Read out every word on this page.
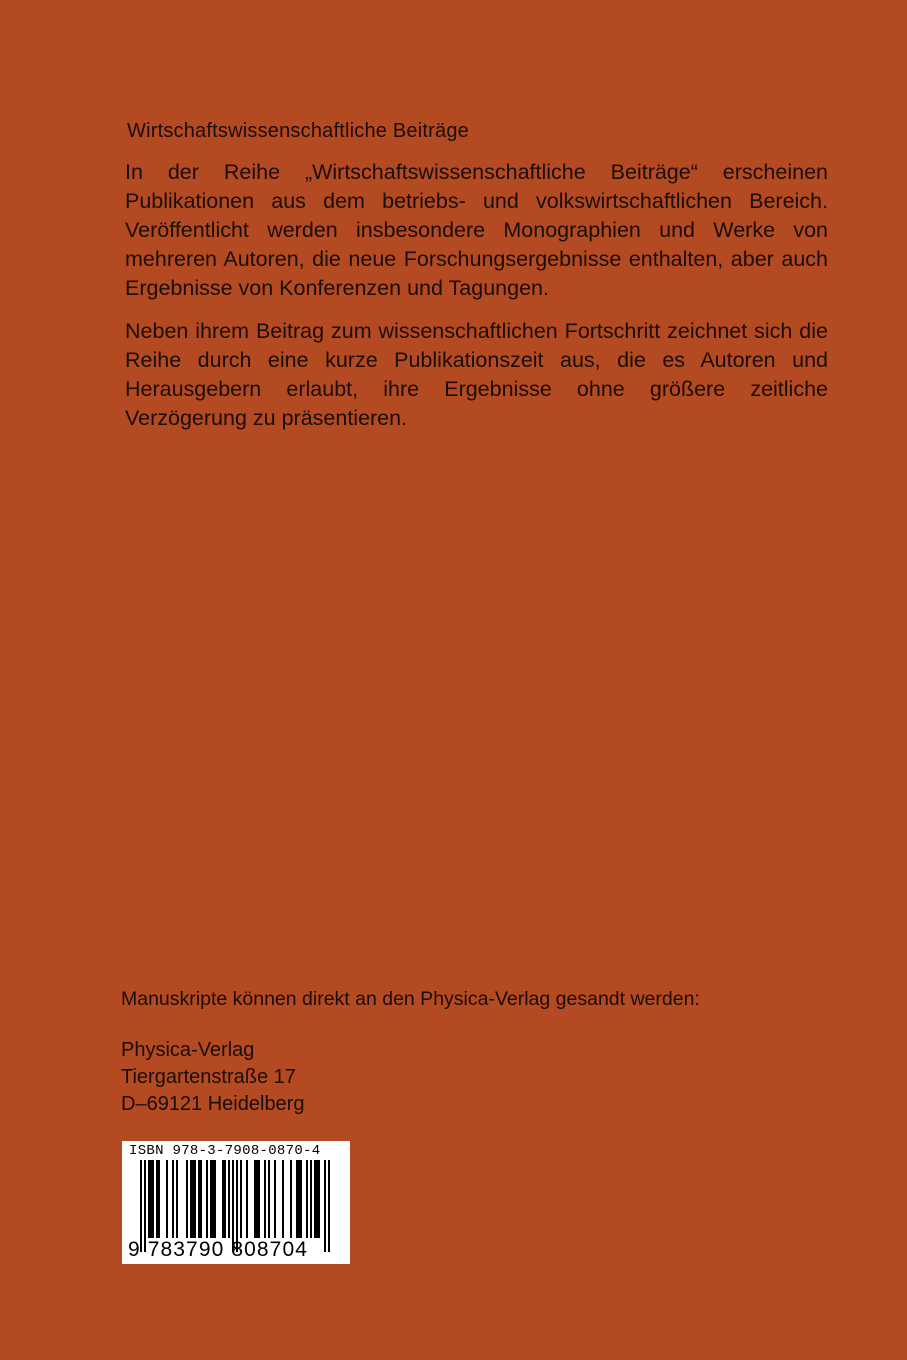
Wirtschaftswissenschaftliche Beiträge

In der Reihe „Wirtschaftswissenschaftliche Beiträge“ erscheinen Publikationen aus dem betriebs- und volkswirtschaftlichen Bereich. Veröffentlicht werden insbesondere Monographien und Werke von mehreren Autoren, die neue Forschungsergebnisse enthalten, aber auch Ergebnisse von Konferenzen und Tagungen.

Neben ihrem Beitrag zum wissenschaftlichen Fortschritt zeichnet sich die Reihe durch eine kurze Publikationszeit aus, die es Autoren und Herausgebern erlaubt, ihre Ergebnisse ohne größere zeitliche Verzögerung zu präsentieren.

Manuskripte können direkt an den Physica-Verlag gesandt werden:

Physica-Verlag
Tiergartenstraße 17
D–69121 Heidelberg
ISBN 978-3-7908-0870-4
9 783790 808704
